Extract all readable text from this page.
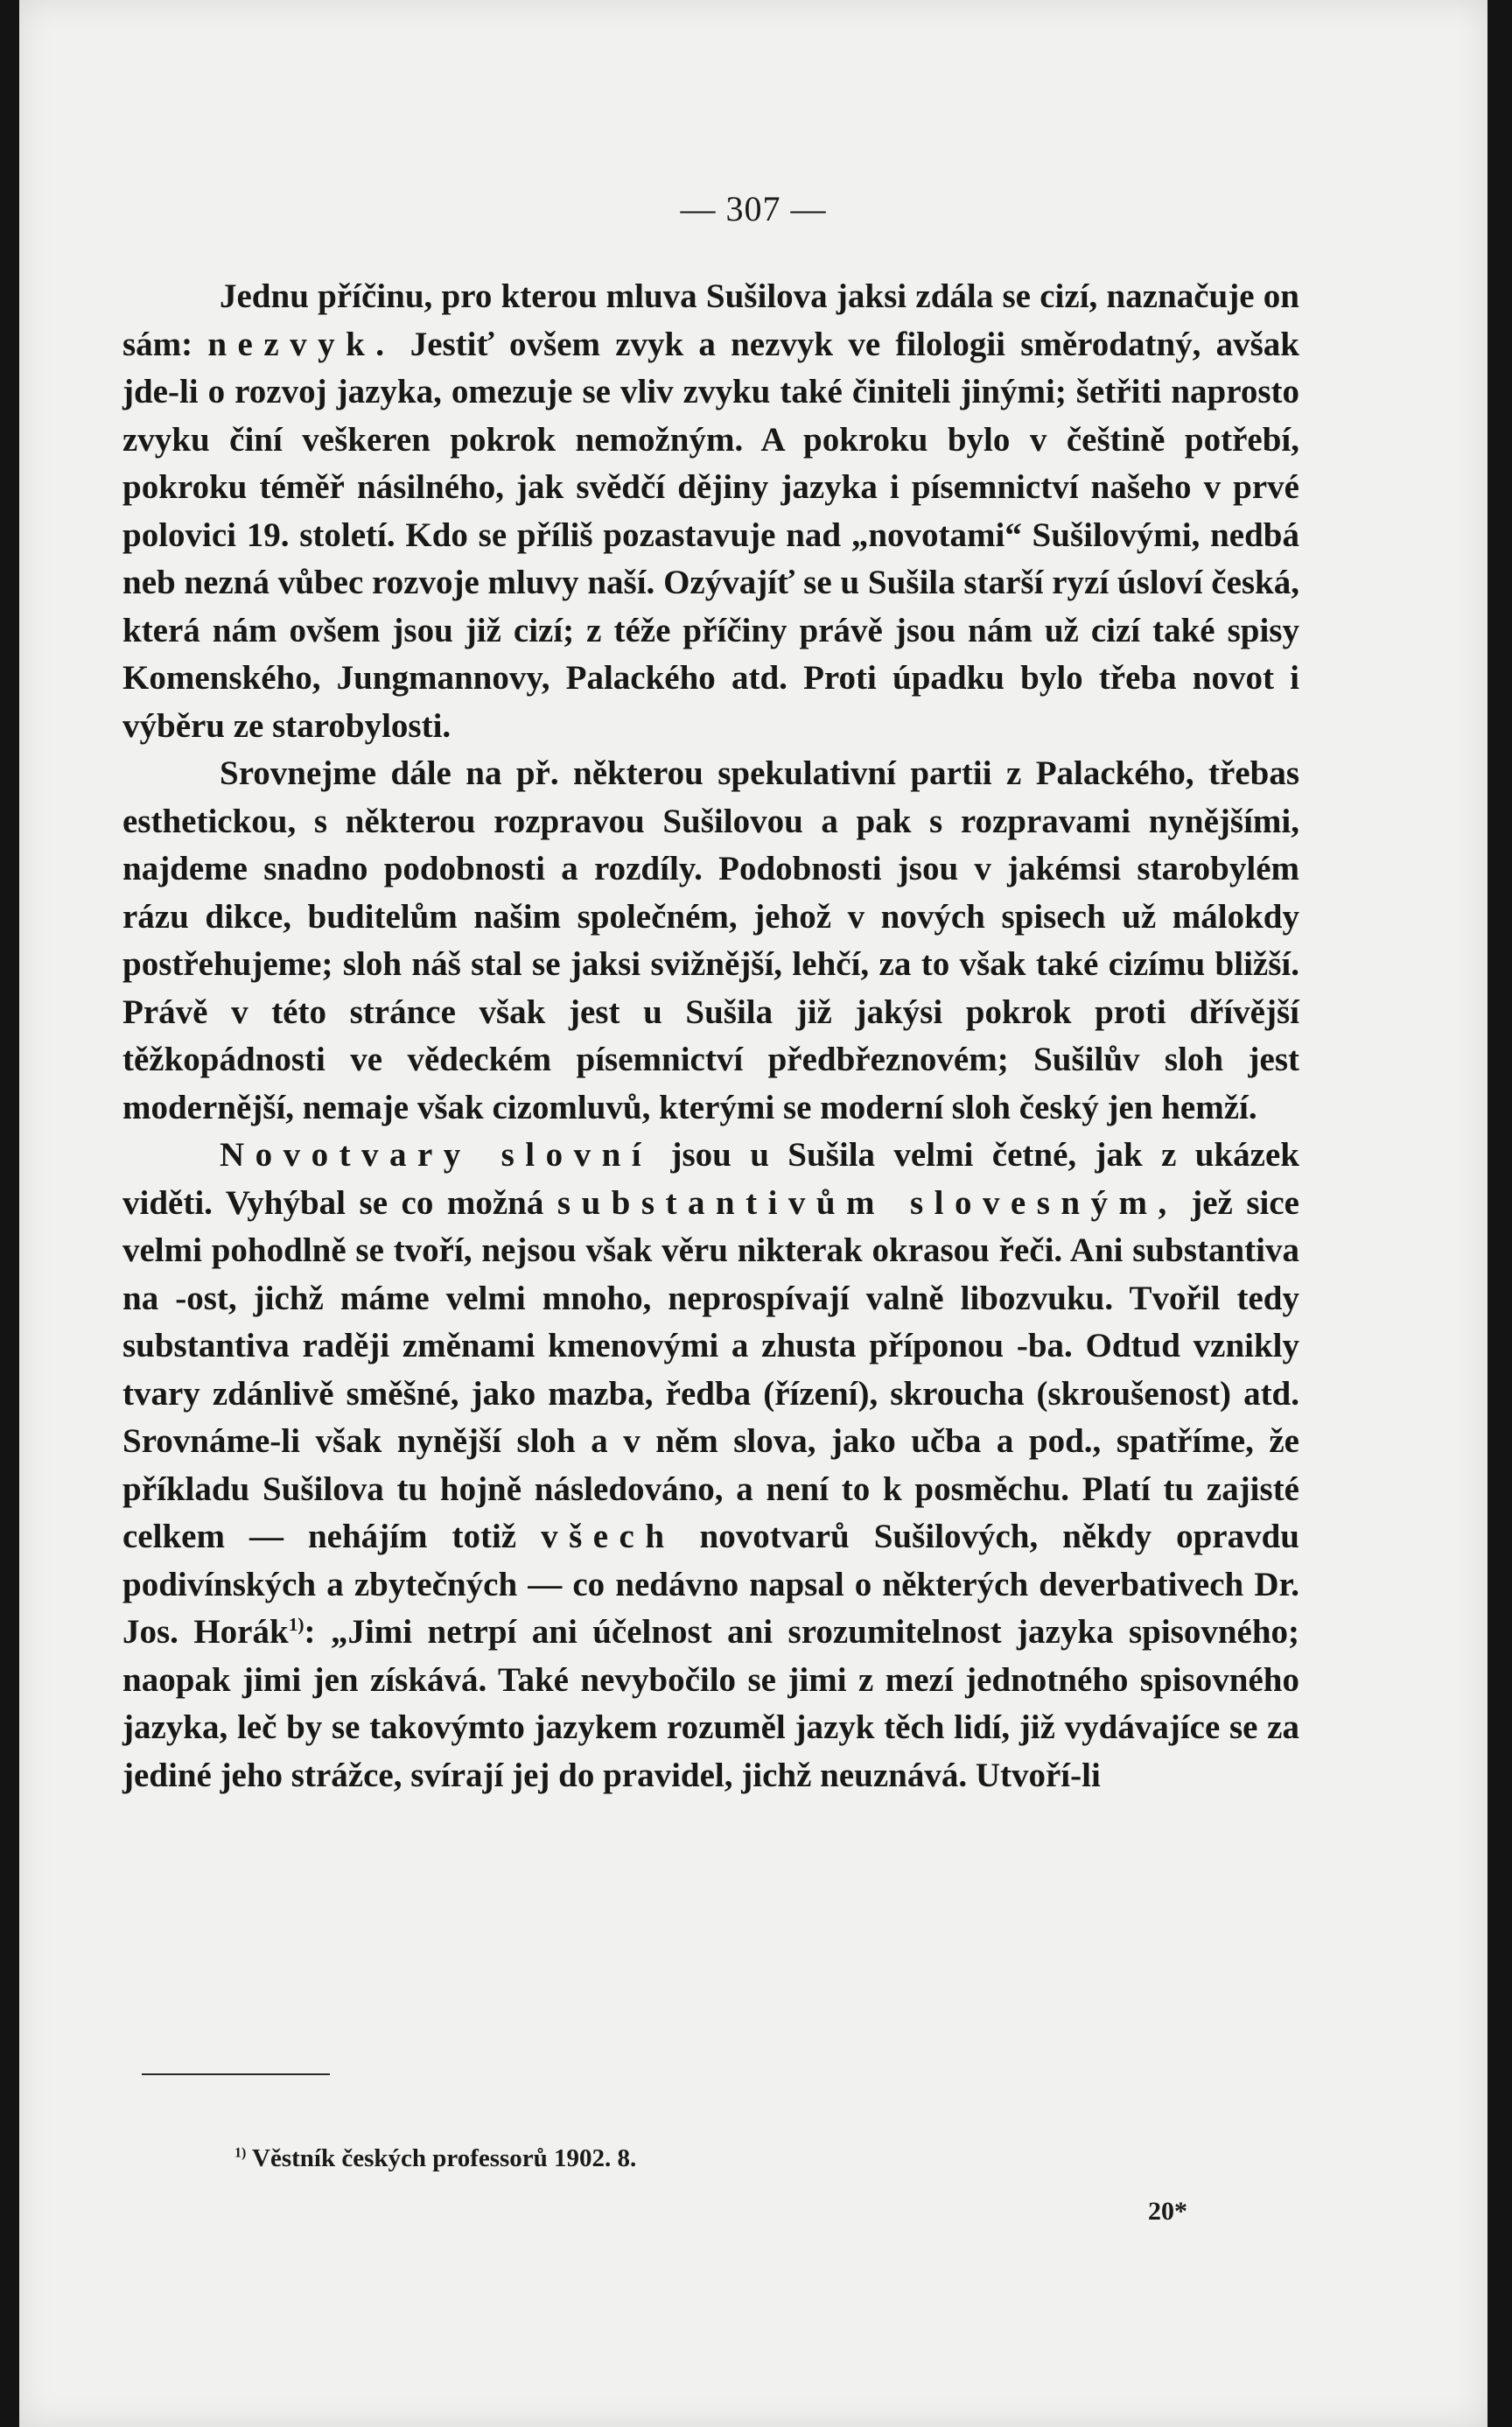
— 307 —

Jednu příčinu, pro kterou mluva Sušilova jaksi zdála se cizí, naznačuje on sám: nezvyk. Jestiť ovšem zvyk a nezvyk ve filologii směrodatný, avšak jde-li o rozvoj jazyka, omezuje se vliv zvyku také činiteli jinými; šetřiti naprosto zvyku činí veškeren pokrok nemožným. A pokroku bylo v češtině potřebí, pokroku téměř násilného, jak svědčí dějiny jazyka i písemnictví našeho v prvé polovici 19. století. Kdo se příliš pozastavuje nad „novotami“ Sušilovými, nedbá neb nezná vůbec rozvoje mluvy naší. Ozývajíť se u Sušila starší ryzí úsloví česká, která nám ovšem jsou již cizí; z téže příčiny právě jsou nám už cizí také spisy Komenského, Jungmannovy, Palackého atd. Proti úpadku bylo třeba novot i výběru ze starobylosti.

Srovnejme dále na př. některou spekulativní partii z Palackého, třebas esthetickou, s některou rozpravou Sušilovou a pak s rozpravami nynějšími, najdeme snadno podobnosti a rozdíly. Podobnosti jsou v jakémsi starobylém rázu dikce, buditelům našim společném, jehož v nových spisech už málokdy postřehujeme; sloh náš stal se jaksi svižnější, lehčí, za to však také cizímu bližší. Právě v této stránce však jest u Sušila již jakýsi pokrok proti dřívější těžkopádnosti ve vědeckém písemnictví předbřeznovém; Sušilův sloh jest modernější, nemaje však cizomluvů, kterými se moderní sloh český jen hemží.

Novotvary slovní jsou u Sušila velmi četné, jak z ukázek viděti. Vyhýbal se co možná substantivům slovesným, jež sice velmi pohodlně se tvoří, nejsou však věru nikterak okrasou řeči. Ani substantiva na -ost, jichž máme velmi mnoho, neprospívají valně libozvuku. Tvořil tedy substantiva raději změnami kmenovými a zhusta příponou -ba. Odtud vznikly tvary zdánlivě směšné, jako mazba, ředba (řízení), skroucha (skroušenost) atd. Srovnáme-li však nynější sloh a v něm slova, jako učba a pod., spatříme, že příkladu Sušilova tu hojně následováno, a není to k posměchu. Platí tu zajisté celkem — nehájím totiž všech novotvarů Sušilových, někdy opravdu podivínských a zbytečných — co nedávno napsal o některých deverbativech Dr. Jos. Horák$^{1)}$: „Jimi netrpí ani účelnost ani srozumitelnost jazyka spisovného; naopak jimi jen získává. Také nevybočilo se jimi z mezí jednotného spisovného jazyka, leč by se takovýmto jazykem rozuměl jazyk těch lidí, již vydávajíce se za jediné jeho strážce, svírají jej do pravidel, jichž neuznává. Utvoří-li

$^{1)}$ Věstník českých professorů 1902. 8.

20*
